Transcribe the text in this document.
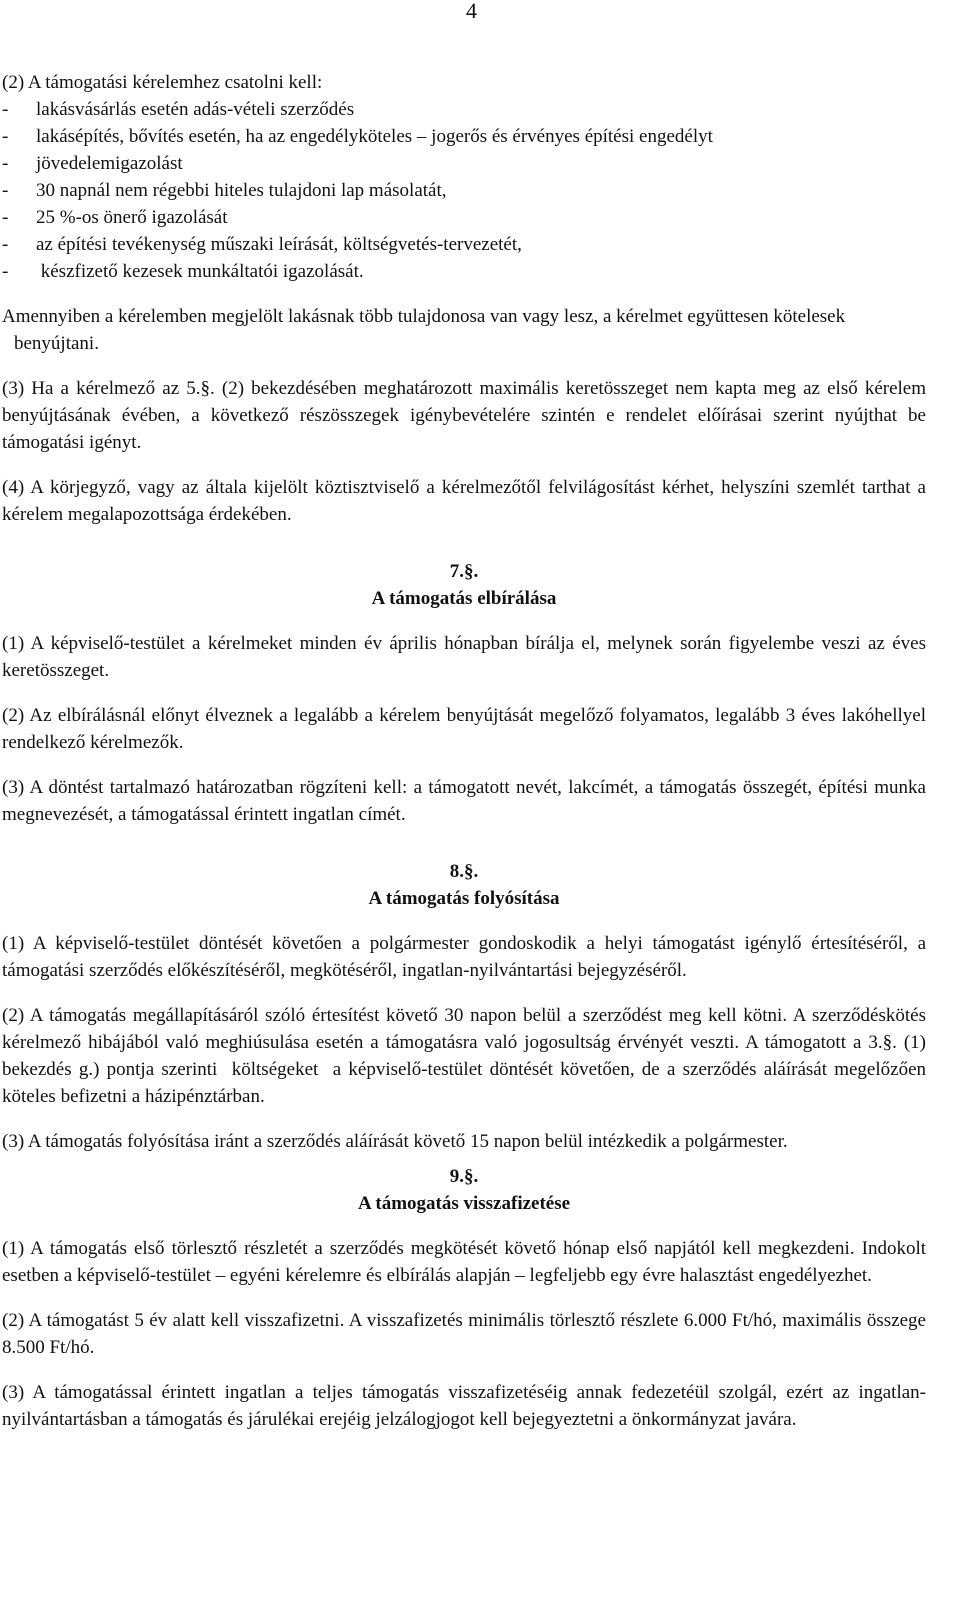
4

(2) A támogatási kérelemhez csatolni kell:

- lakásvásárlás esetén adás-vételi szerződés
- lakásépítés, bővítés esetén, ha az engedélyköteles – jogerős és érvényes építési engedélyt
- jövedelemigazolást
- 30 napnál nem régebbi hiteles tulajdoni lap másolatát,
- 25 %-os önerő igazolását
- az építési tevékenység műszaki leírását, költségvetés-tervezetét,
- készfizető kezesek munkáltatói igazolását.

Amennyiben a kérelemben megjelölt lakásnak több tulajdonosa van vagy lesz, a kérelmet együttesen kötelesek benyújtani.

(3) Ha a kérelmező az 5.§. (2) bekezdésében meghatározott maximális keretösszeget nem kapta meg az első kérelem benyújtásának évében, a következő részösszegek igénybevételére szintén e rendelet előírásai szerint nyújthat be támogatási igényt.

(4) A körjegyző, vagy az általa kijelölt köztisztviselő a kérelmezőtől felvilágosítást kérhet, helyszíni szemlét tarthat a kérelem megalapozottsága érdekében.

7.§.

A támogatás elbírálása

(1) A képviselő-testület a kérelmeket minden év április hónapban bírálja el, melynek során figyelembe veszi az éves keretösszeget.

(2) Az elbírálásnál előnyt élveznek a legalább a kérelem benyújtását megelőző folyamatos, legalább 3 éves lakóhellyel rendelkező kérelmezők.

(3) A döntést tartalmazó határozatban rögzíteni kell: a támogatott nevét, lakcímét, a támogatás összegét, építési munka megnevezését, a támogatással érintett ingatlan címét.

8.§.

A támogatás folyósítása

(1) A képviselő-testület döntését követően a polgármester gondoskodik a helyi támogatást igénylő értesítéséről, a támogatási szerződés előkészítéséről, megkötéséről, ingatlan-nyilvántartási bejegyzéséről.

(2) A támogatás megállapításáról szóló értesítést követő 30 napon belül a szerződést meg kell kötni. A szerződéskötés kérelmező hibájából való meghiúsulása esetén a támogatásra való jogosultság érvényét veszti. A támogatott a 3.§. (1) bekezdés g.) pontja szerinti  költségeket  a képviselő-testület döntését követően, de a szerződés aláírását megelőzően köteles befizetni a házipénztárban.

(3) A támogatás folyósítása iránt a szerződés aláírását követő 15 napon belül intézkedik a polgármester.

9.§.

A támogatás visszafizetése

(1) A támogatás első törlesztő részletét a szerződés megkötését követő hónap első napjától kell megkezdeni. Indokolt esetben a képviselő-testület – egyéni kérelemre és elbírálás alapján – legfeljebb egy évre halasztást engedélyezhet.

(2) A támogatást 5 év alatt kell visszafizetni. A visszafizetés minimális törlesztő részlete 6.000 Ft/hó, maximális összege 8.500 Ft/hó.

(3) A támogatással érintett ingatlan a teljes támogatás visszafizetéséig annak fedezetéül szolgál, ezért az ingatlan-nyilvántartásban a támogatás és járulékai erejéig jelzálogjogot kell bejegyeztetni a önkormányzat javára.
